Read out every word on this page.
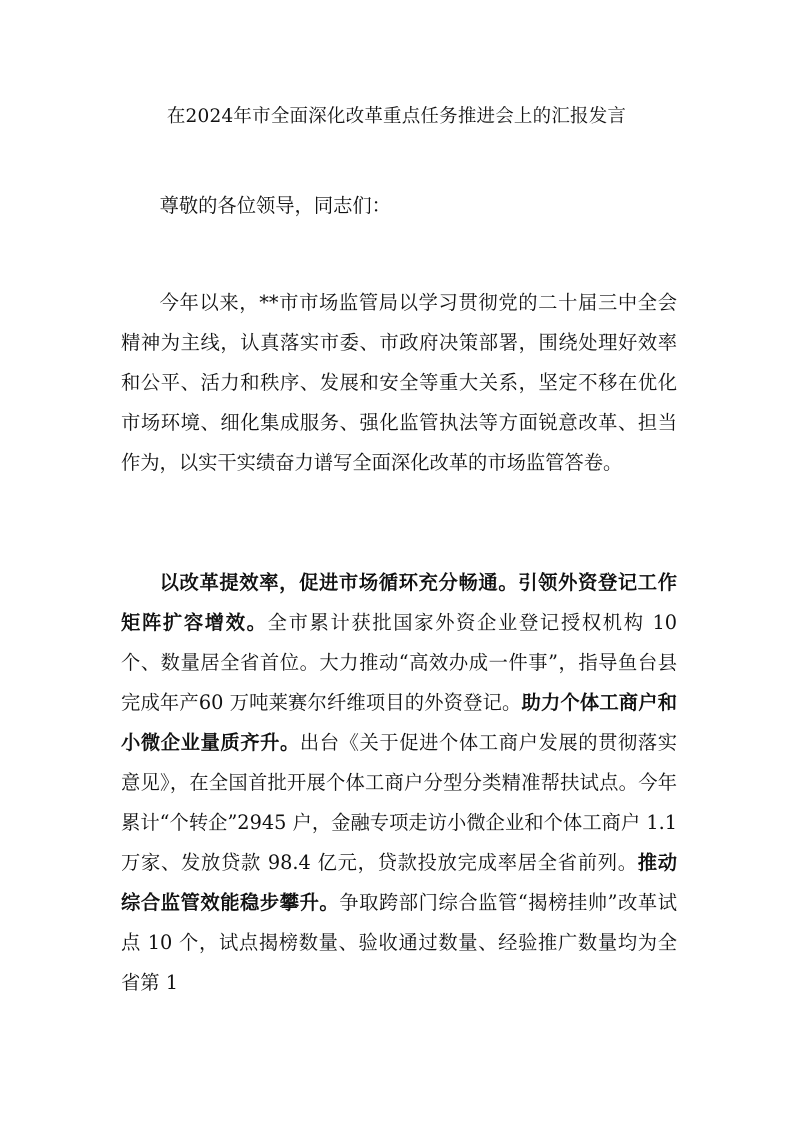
在2024年市全面深化改革重点任务推进会上的汇报发言

尊敬的各位领导，同志们：

今年以来，**市市场监管局以学习贯彻党的二十届三中全会精神为主线，认真落实市委、市政府决策部署，围绕处理好效率和公平、活力和秩序、发展和安全等重大关系，坚定不移在优化市场环境、细化集成服务、强化监管执法等方面锐意改革、担当作为，以实干实绩奋力谱写全面深化改革的市场监管答卷。

以改革提效率，促进市场循环充分畅通。引领外资登记工作矩阵扩容增效。全市累计获批国家外资企业登记授权机构 10 个、数量居全省首位。大力推动“高效办成一件事”，指导鱼台县完成年产60 万吨莱赛尔纤维项目的外资登记。助力个体工商户和小微企业量质齐升。出台《关于促进个体工商户发展的贯彻落实意见》，在全国首批开展个体工商户分型分类精准帮扶试点。今年累计“个转企”2945 户，金融专项走访小微企业和个体工商户 1.1 万家、发放贷款 98.4 亿元，贷款投放完成率居全省前列。推动综合监管效能稳步攀升。争取跨部门综合监管“揭榜挂帅”改革试点 10 个，试点揭榜数量、验收通过数量、经验推广数量均为全省第 1
